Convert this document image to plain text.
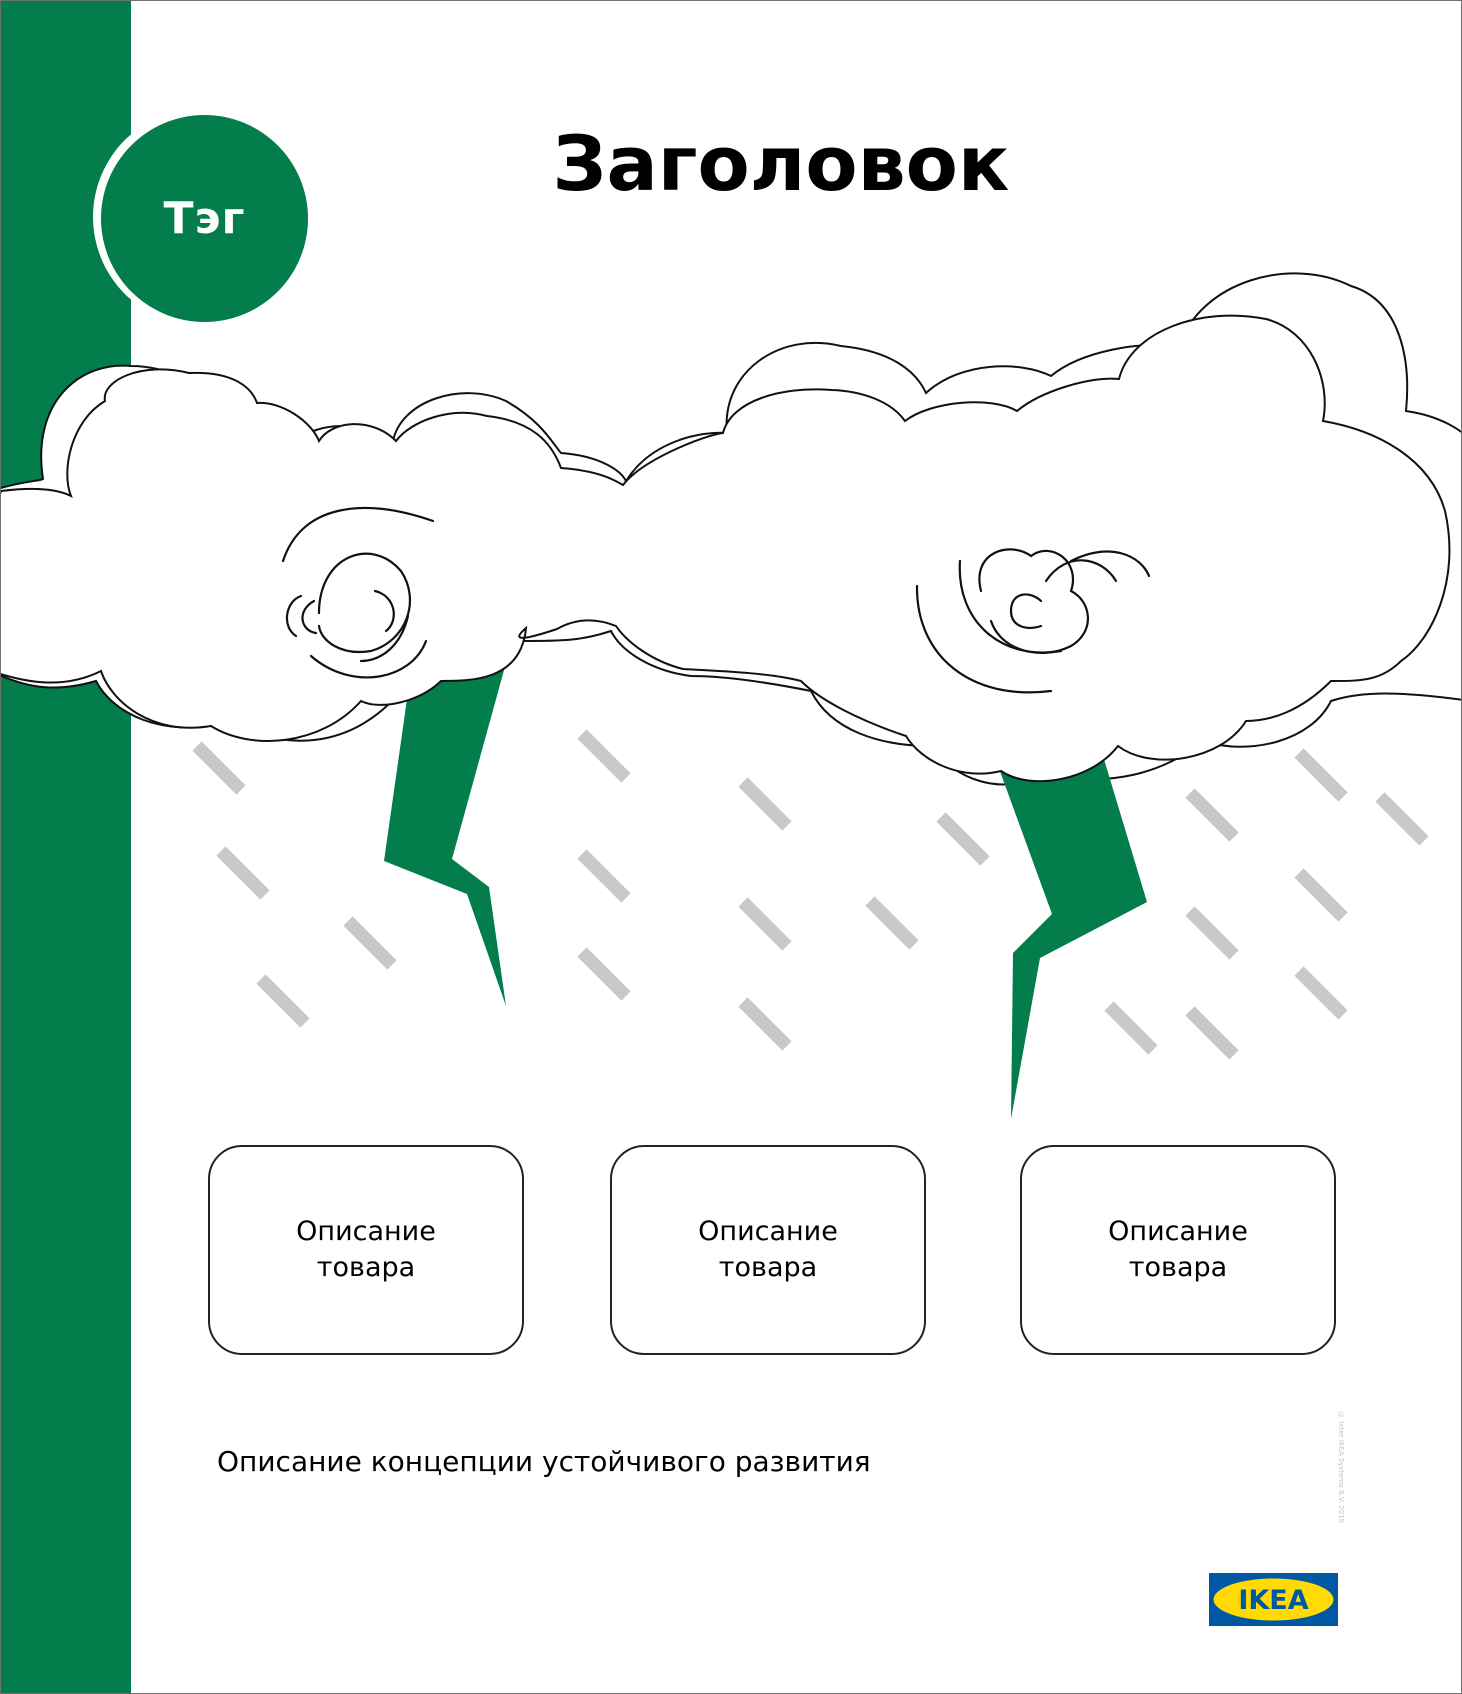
Тэг
Заголовок
Описание товара
Описание товара
Описание товара
Описание концепции устойчивого развития	© Inter IKEA Systems B.V. 2019
IKEA
